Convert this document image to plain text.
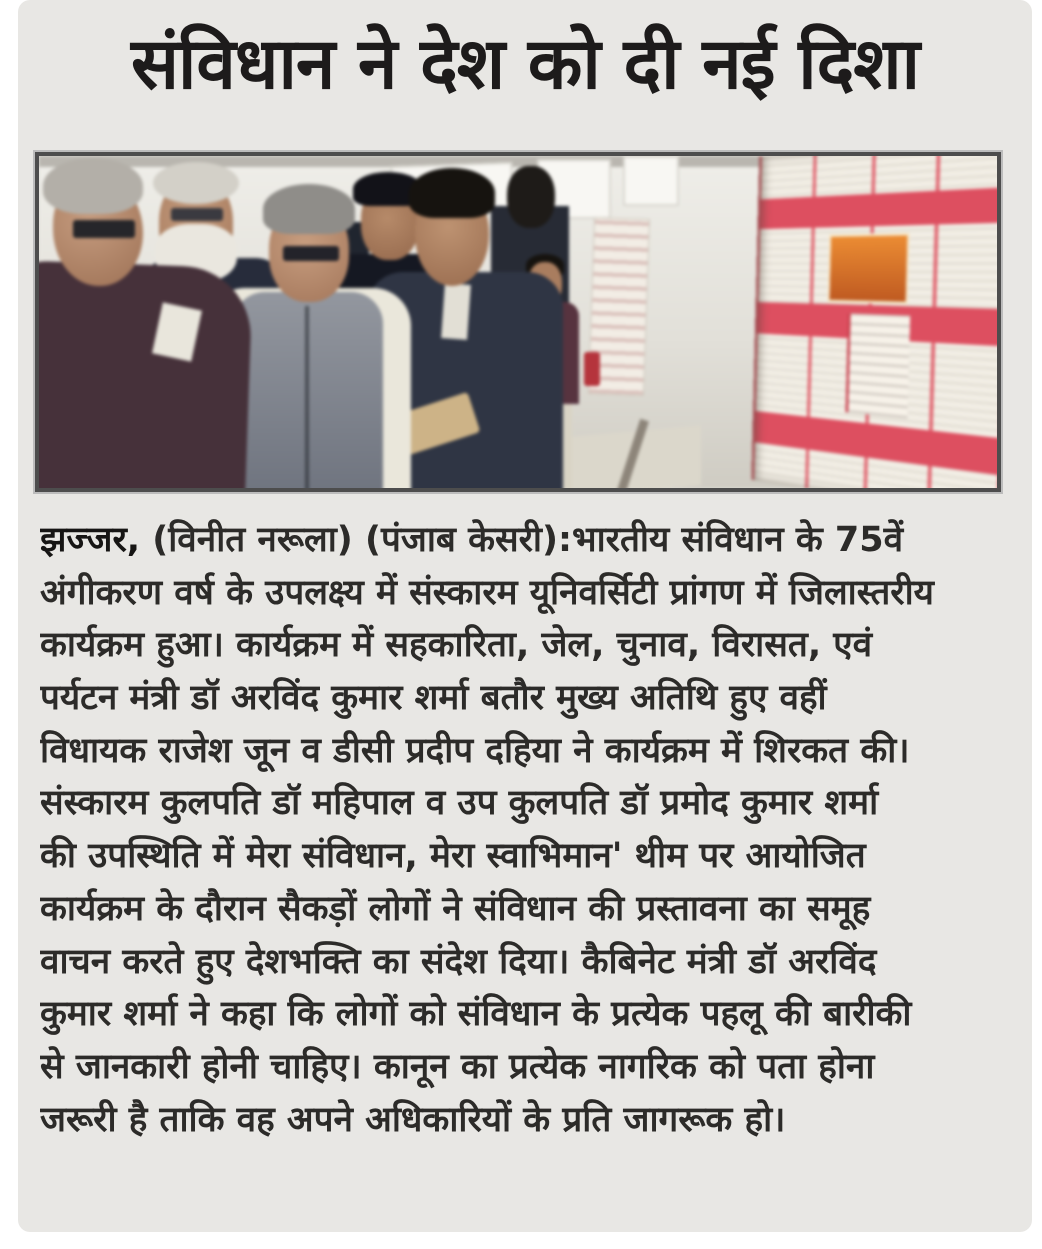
संविधान ने देश को दी नई दिशा
झज्जर, (विनीत नरूला) (पंजाब केसरी):भारतीय संविधान के 75वें
अंगीकरण वर्ष के उपलक्ष्य में संस्कारम यूनिवर्सिटी प्रांगण में जिलास्तरीय
कार्यक्रम हुआ। कार्यक्रम में सहकारिता, जेल, चुनाव, विरासत, एवं
पर्यटन मंत्री डॉ अरविंद कुमार शर्मा बतौर मुख्य अतिथि हुए वहीं
विधायक राजेश जून व डीसी प्रदीप दहिया ने कार्यक्रम में शिरकत की।
संस्कारम कुलपति डॉ महिपाल व उप कुलपति डॉ प्रमोद कुमार शर्मा
की उपस्थिति में मेरा संविधान, मेरा स्वाभिमान' थीम पर आयोजित
कार्यक्रम के दौरान सैकड़ों लोगों ने संविधान की प्रस्तावना का समूह
वाचन करते हुए देशभक्ति का संदेश दिया। कैबिनेट मंत्री डॉ अरविंद
कुमार शर्मा ने कहा कि लोगों को संविधान के प्रत्येक पहलू की बारीकी
से जानकारी होनी चाहिए। कानून का प्रत्येक नागरिक को पता होना
जरूरी है ताकि वह अपने अधिकारियों के प्रति जागरूक हो।
